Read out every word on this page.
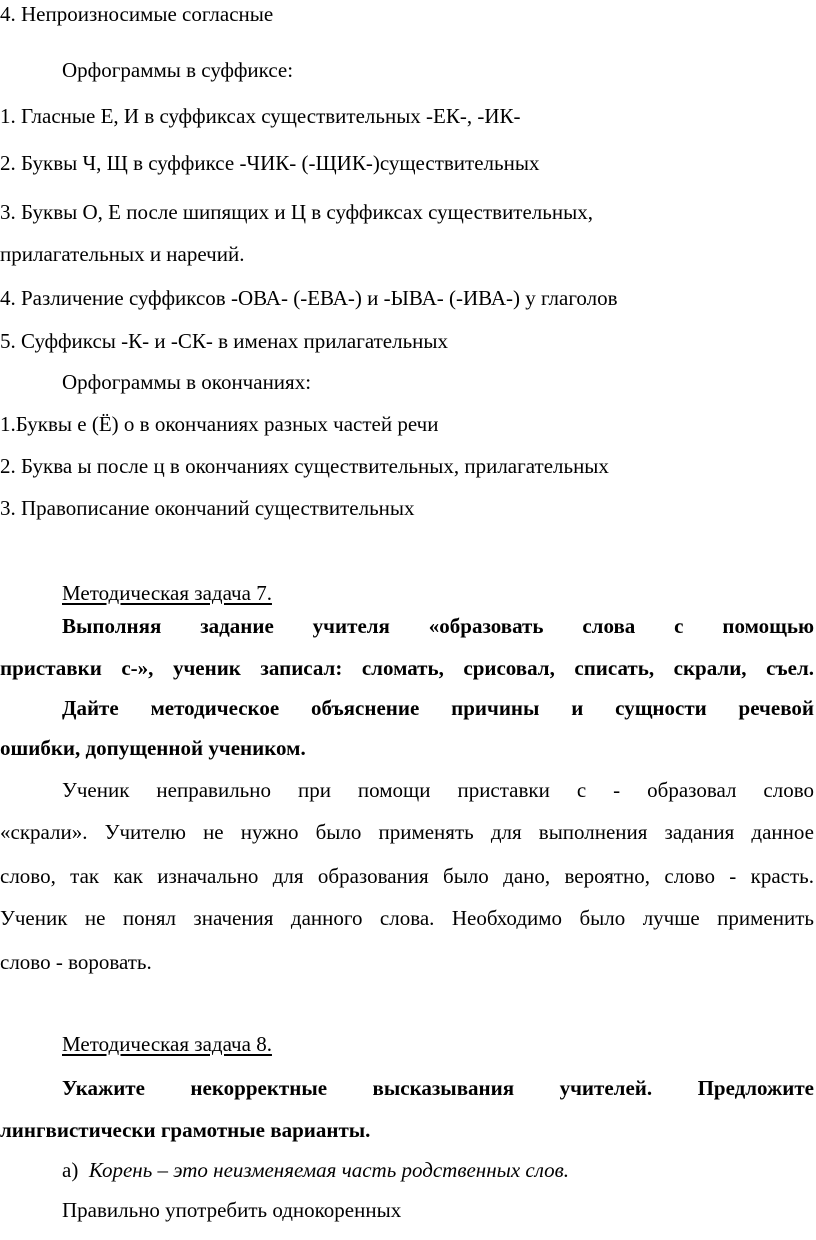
4. Непроизносимые согласные
Орфограммы в суффиксе:
1. Гласные Е, И в суффиксах существительных -ЕК-, -ИК-
2. Буквы Ч, Щ в суффиксе -ЧИК- (-ЩИК-)существительных
3. Буквы О, Е после шипящих и Ц в суффиксах существительных,
прилагательных и наречий.
4. Различение суффиксов -ОВА- (-ЕВА-) и -ЫВА- (-ИВА-) у глаголов
5. Суффиксы -К- и -СК- в именах прилагательных
Орфограммы в окончаниях:
1.Буквы е (Ё) о в окончаниях разных частей речи
2. Буква ы после ц в окончаниях существительных, прилагательных
3. Правописание окончаний существительных
Методическая задача 7.
Выполняя задание учителя «образовать слова с помощью
приставки с-», ученик записал: сломать, срисовал, списать, скрали, съел.
Дайте методическое объяснение причины и сущности речевой
ошибки, допущенной учеником.
Ученик неправильно при помощи приставки с - образовал слово
«скрали». Учителю не нужно было применять для выполнения задания данное
слово, так как изначально для образования было дано, вероятно, слово - красть.
Ученик не понял значения данного слова. Необходимо было лучше применить
слово - воровать.
Методическая задача 8.
Укажите некорректные высказывания учителей. Предложите
лингвистически грамотные варианты.
а) Корень – это неизменяемая часть родственных слов.
Правильно употребить однокоренных
